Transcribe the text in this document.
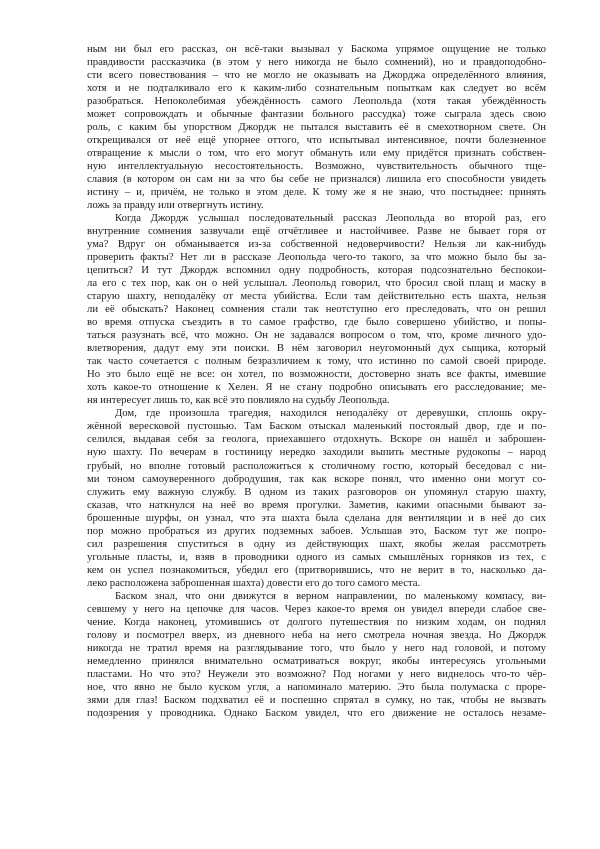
ным ни был его рассказ, он всё-таки вызывал у Баскома упрямое ощущение не только
правдивости рассказчика (в этом у него никогда не было сомнений), но и правдоподобно-
сти всего повествования – что не могло не оказывать на Джорджа определённого влияния,
хотя и не подталкивало его к каким-либо сознательным попыткам как следует во всём
разобраться. Непоколебимая убеждённость самого Леопольда (хотя такая убеждённость
может сопровождать и обычные фантазии больного рассудка) тоже сыграла здесь свою
роль, с каким бы упорством Джордж не пытался выставить её в смехотворном свете. Он
открещивался от неё ещё упорнее оттого, что испытывал интенсивное, почти болезненное
отвращение к мысли о том, что его могут обмануть или ему придётся признать собствен-
ную интеллектуальную несостоятельность. Возможно, чувствительность обычного тще-
славия (в котором он сам ни за что бы себе не признался) лишила его способности увидеть
истину – и, причём, не только в этом деле. К тому же я не знаю, что постыднее: принять
ложь за правду или отвергнуть истину.
Когда Джордж услышал последовательный рассказ Леопольда во второй раз, его
внутренние сомнения зазвучали ещё отчётливее и настойчивее. Разве не бывает горя от
ума? Вдруг он обманывается из-за собственной недоверчивости? Нельзя ли как-нибудь
проверить факты? Нет ли в рассказе Леопольда чего-то такого, за что можно было бы за-
цепиться? И тут Джордж вспомнил одну подробность, которая подсознательно беспокои-
ла его с тех пор, как он о ней услышал. Леопольд говорил, что бросил свой плащ и маску в
старую шахту, неподалёку от места убийства. Если там действительно есть шахта, нельзя
ли её обыскать? Наконец сомнения стали так неотступно его преследовать, что он решил
во время отпуска съездить в то самое графство, где было совершено убийство, и попы-
таться разузнать всё, что можно. Он не задавался вопросом о том, что, кроме личного удо-
влетворения, дадут ему эти поиски. В нём заговорил неугомонный дух сыщика, который
так часто сочетается с полным безразличием к тому, что истинно по самой своей природе.
Но это было ещё не все: он хотел, по возможности, достоверно знать все факты, имевшие
хоть какое-то отношение к Хелен. Я не стану подробно описывать его расследование; ме-
ня интересует лишь то, как всё это повлияло на судьбу Леопольда.
Дом, где произошла трагедия, находился неподалёку от деревушки, сплошь окру-
жённой вересковой пустошью. Там Баском отыскал маленький постоялый двор, где и по-
селился, выдавая себя за геолога, приехавшего отдохнуть. Вскоре он нашёл и заброшен-
ную шахту. По вечерам в гостиницу нередко заходили выпить местные рудокопы – народ
грубый, но вполне готовый расположиться к столичному гостю, который беседовал с ни-
ми тоном самоуверенного добродушия, так как вскоре понял, что именно они могут со-
служить ему важную службу. В одном из таких разговоров он упомянул старую шахту,
сказав, что наткнулся на неё во время прогулки. Заметив, какими опасными бывают за-
брошенные шурфы, он узнал, что эта шахта была сделана для вентиляции и в неё до сих
пор можно пробраться из других подземных забоев. Услышав это, Баском тут же попро-
сил разрешения спуститься в одну из действующих шахт, якобы желая рассмотреть
угольные пласты, и, взяв в проводники одного из самых смышлёных горняков из тех, с
кем он успел познакомиться, убедил его (притворившись, что не верит в то, насколько да-
леко расположена заброшенная шахта) довести его до того самого места.
Баском знал, что они движутся в верном направлении, по маленькому компасу, ви-
севшему у него на цепочке для часов. Через какое-то время он увидел впереди слабое све-
чение. Когда наконец, утомившись от долгого путешествия по низким ходам, он поднял
голову и посмотрел вверх, из дневного неба на него смотрела ночная звезда. Но Джордж
никогда не тратил время на разглядывание того, что было у него над головой, и потому
немедленно принялся внимательно осматриваться вокруг, якобы интересуясь угольными
пластами. Но что это? Неужели это возможно? Под ногами у него виднелось что-то чёр-
ное, что явно не было куском угля, а напоминало материю. Это была полумаска с проре-
зями для глаз! Баском подхватил её и поспешно спрятал в сумку, но так, чтобы не вызвать
подозрения у проводника. Однако Баском увидел, что его движение не осталось незаме-
